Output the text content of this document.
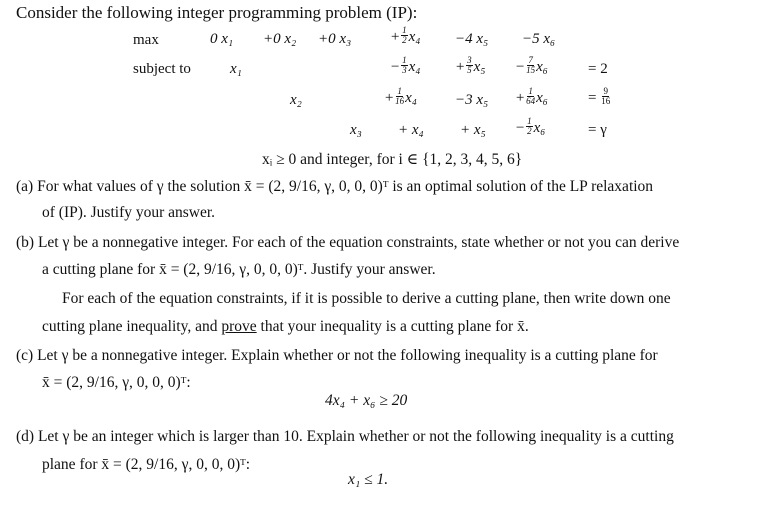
Consider the following integer programming problem (IP):
max	0 x₁ +0 x₂ +0 x₃	+ $\frac{1}{2} x_4 -4$ x₅ −5 x₆
subject to	x₁	− $\frac{1}{3} x_4 + \frac{3}{5} x_5 - \frac{7}{15} x_6$	= 2
x₂	+ $\frac{1}{16} x_4$	−3 $x_5 + \frac{1}{64} x_6$	= $\frac{9}{16}$
$x_3 + x_4 + x_5 - \frac{1}{2} x_6$	= γ
xᵢ ≥ 0 and integer, for i ∈ {1, 2, 3, 4, 5, 6}
(a) For what values of γ the solution x̄ = (2, 9/16, γ, 0, 0, 0)ᵀ is an optimal solution of the LP relaxation
of (IP). Justify your answer.
(b) Let γ be a nonnegative integer. For each of the equation constraints, state whether or not you can derive
a cutting plane for x̄ = (2, 9/16, γ, 0, 0, 0)ᵀ. Justify your answer.
For each of the equation constraints, if it is possible to derive a cutting plane, then write down one
cutting plane inequality, and prove that your inequality is a cutting plane for x̄.
(c) Let γ be a nonnegative integer. Explain whether or not the following inequality is a cutting plane for
x̄ = (2, 9/16, γ, 0, 0, 0)ᵀ:
4x₄ + x₆ ≥ 20
(d) Let γ be an integer which is larger than 10. Explain whether or not the following inequality is a cutting
plane for x̄ = (2, 9/16, γ, 0, 0, 0)ᵀ:
x₁ ≤ 1.
